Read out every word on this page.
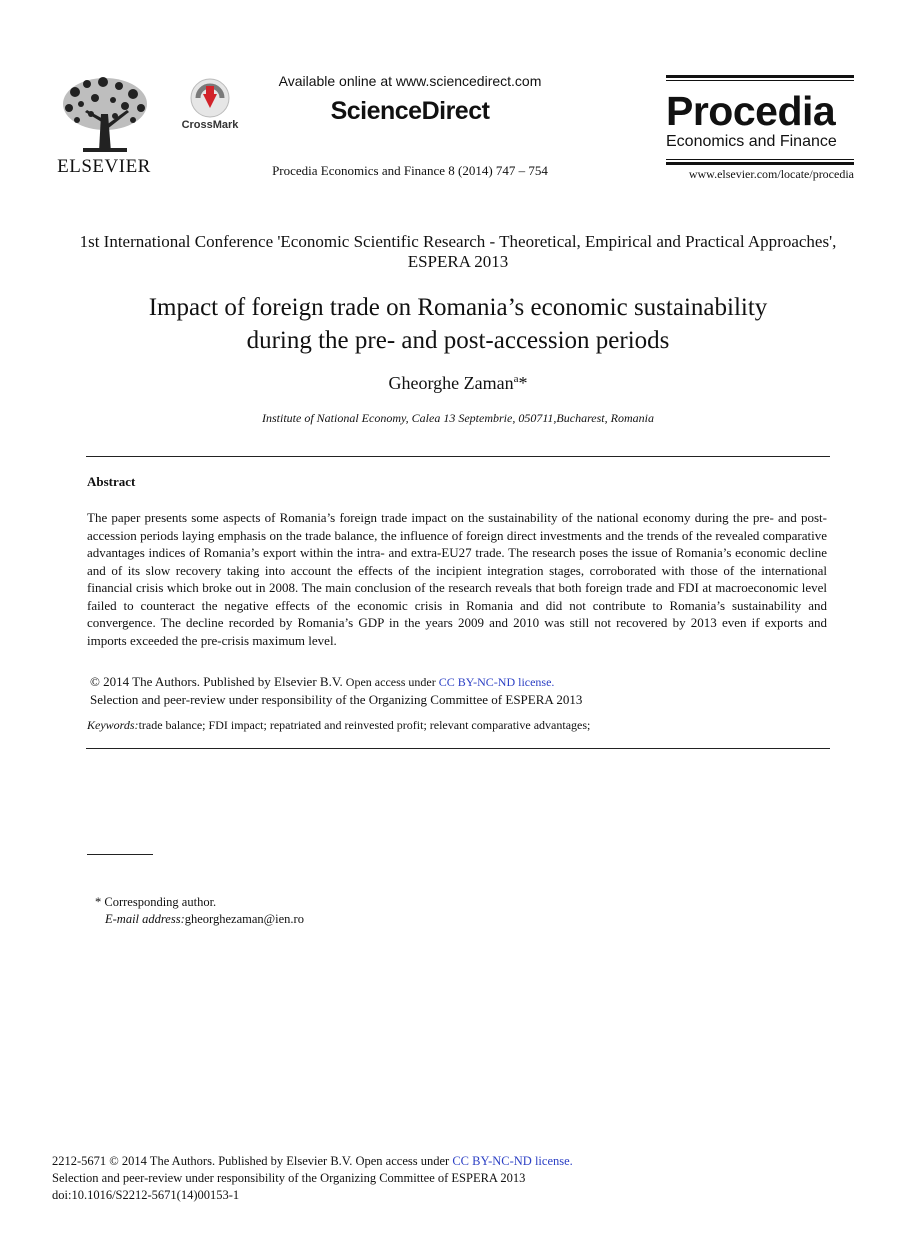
ELSEVIER
CrossMark
Available online at www.sciencedirect.com
ScienceDirect
Procedia Economics and Finance 8 (2014) 747 – 754
Procedia
Economics and Finance
www.elsevier.com/locate/procedia
1st International Conference 'Economic Scientific Research - Theoretical, Empirical and Practical Approaches', ESPERA 2013
Impact of foreign trade on Romania’s economic sustainability
during the pre- and post-accession periods
Gheorghe Zaman$^a$*
Institute of National Economy, Calea 13 Septembrie, 050711,Bucharest, Romania
Abstract
The paper presents some aspects of Romania’s foreign trade impact on the sustainability of the national economy during the pre- and post-accession periods laying emphasis on the trade balance, the influence of foreign direct investments and the trends of the revealed comparative advantages indices of Romania’s export within the intra- and extra-EU27 trade. The research poses the issue of Romania’s economic decline and of its slow recovery taking into account the effects of the incipient integration stages, corroborated with those of the international financial crisis which broke out in 2008. The main conclusion of the research reveals that both foreign trade and FDI at macroeconomic level failed to counteract the negative effects of the economic crisis in Romania and did not contribute to Romania’s sustainability and convergence. The decline recorded by Romania’s GDP in the years 2009 and 2010 was still not recovered by 2013 even if exports and imports exceeded the pre-crisis maximum level.
© 2014 The Authors. Published by Elsevier B.V. Open access under CC BY-NC-ND license.
Selection and peer-review under responsibility of the Organizing Committee of ESPERA 2013
Keywords:trade balance; FDI impact; repatriated and reinvested profit; relevant comparative advantages;
* Corresponding author.
E-mail address:gheorghezaman@ien.ro
2212-5671 © 2014 The Authors. Published by Elsevier B.V. Open access under CC BY-NC-ND license.
Selection and peer-review under responsibility of the Organizing Committee of ESPERA 2013
doi:10.1016/S2212-5671(14)00153-1
